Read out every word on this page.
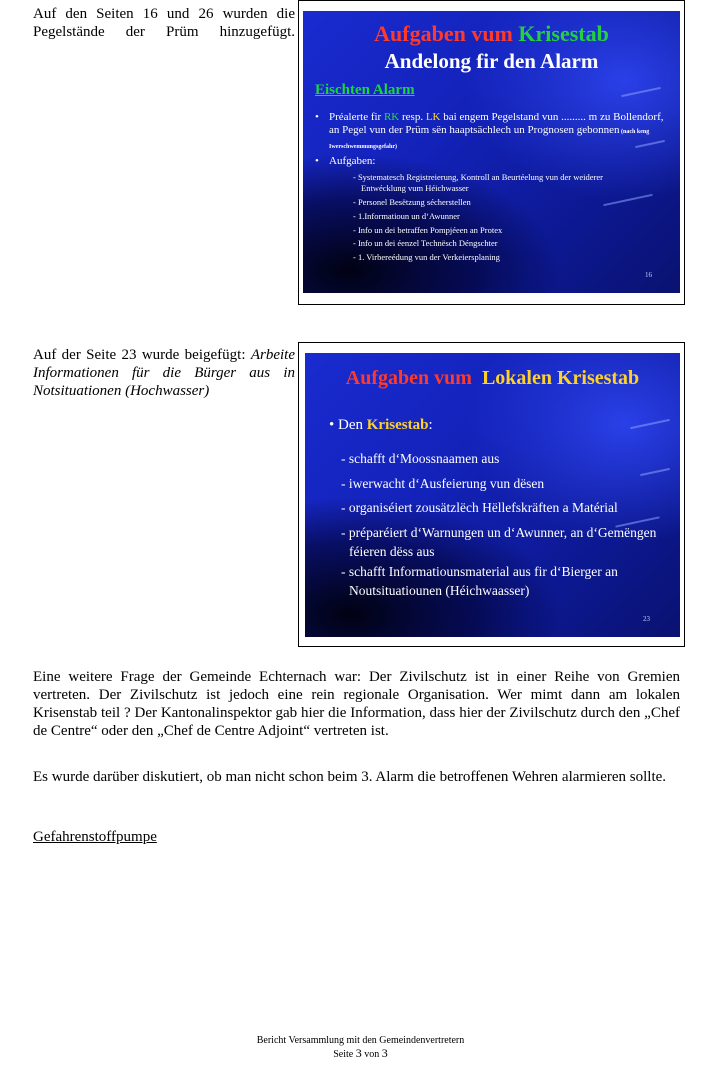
Auf den Seiten 16 und 26 wurden die Pegelstände der Prüm hinzugefügt.	Aufgaben vum Krisestab
Andelong fir den Alarm
Eischten Alarm
• Préalerte fir RK resp. LK bai engem Pegelstand vun ......... m zu Bollendorf, an Pegel vun der Prüm sën haaptsächlech un Prognosen gebonnen (nach keng Iwerschwemmungsgefahr)
• Aufgaben:
- Systematesch Registreierung, Kontroll an Beurtéelung vun der weiderer Entwécklung vum Héichwasser
- Personel Besëtzung sécherstellen
- 1.Informatioun un d‘Awunner
- Info un dei betraffen Pompjéeen an Protex
- Info un dei éenzel Technësch Déngschter
- 1. Virbereédung vun der Verkeiersplaning
16

Auf der Seite 23 wurde beigefügt: Arbeite Informationen für die Bürger aus in Notsituationen (Hochwasser)

Aufgaben vum Lokalen Krisestab
• Den Krisestab:
- schafft d‘Moossnaamen aus
- iwerwacht d‘Ausfeierung vun dësen
- organiséiert zousätzlëch Hëllefskräften a Matérial
- préparéiert d‘Warnungen un d‘Awunner, an d‘Gemëngen féieren dëss aus
- schafft Informatiounsmaterial aus fir d‘Bierger an Noutsituatiounen (Héichwaasser)
23

Eine weitere Frage der Gemeinde Echternach war: Der Zivilschutz ist in einer Reihe von Gremien vertreten. Der Zivilschutz ist jedoch eine rein regionale Organisation. Wer mimt dann am lokalen Krisenstab teil ? Der Kantonalinspektor gab hier die Information, dass hier der Zivilschutz durch den „Chef de Centre“ oder den „Chef de Centre Adjoint“ vertreten ist.

Es wurde darüber diskutiert, ob man nicht schon beim 3. Alarm die betroffenen Wehren alarmieren sollte.

Gefahrenstoffpumpe
Bericht Versammlung mit den Gemeindenvertretern
Seite 3 von 3
